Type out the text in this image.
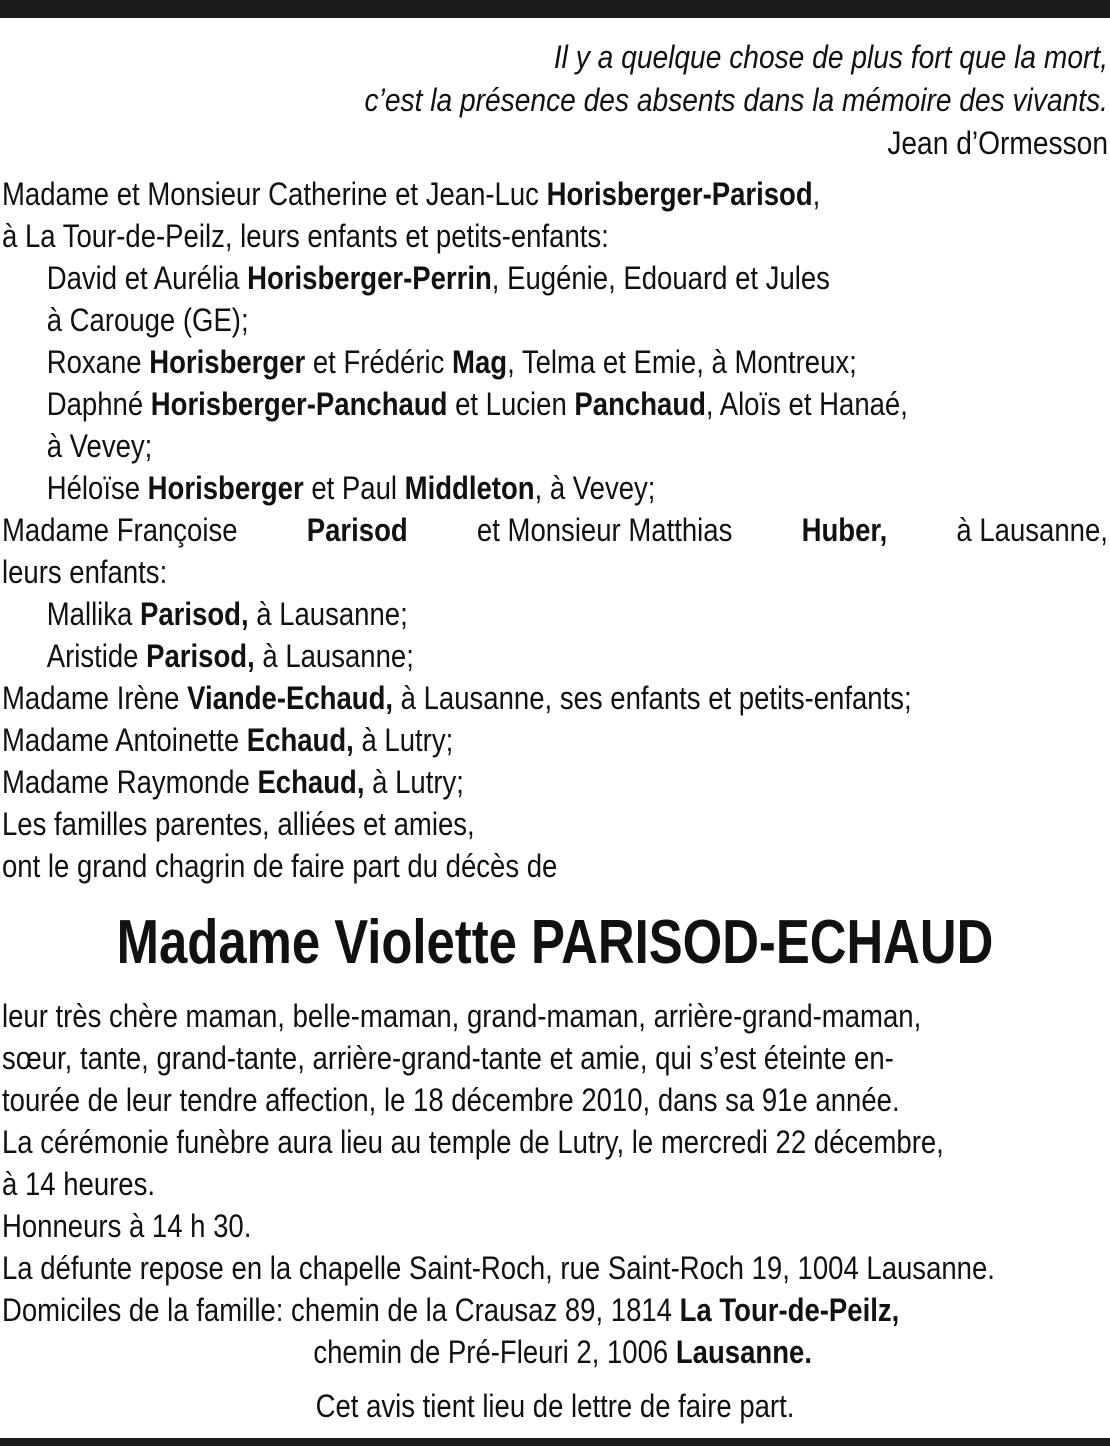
Il y a quelque chose de plus fort que la mort,
c’est la présence des absents dans la mémoire des vivants.
Jean d’Ormesson
Madame et Monsieur Catherine et Jean-Luc Horisberger-Parisod,
à La Tour-de-Peilz, leurs enfants et petits-enfants:
David et Aurélia Horisberger-Perrin, Eugénie, Edouard et Jules
à Carouge (GE);
Roxane Horisberger et Frédéric Mag, Telma et Emie, à Montreux;
Daphné Horisberger-Panchaud et Lucien Panchaud, Aloïs et Hanaé,
à Vevey;
Héloïse Horisberger et Paul Middleton, à Vevey;
Madame Françoise Parisod et Monsieur Matthias Huber, à Lausanne,
leurs enfants:
Mallika Parisod, à Lausanne;
Aristide Parisod, à Lausanne;
Madame Irène Viande-Echaud, à Lausanne, ses enfants et petits-enfants;
Madame Antoinette Echaud, à Lutry;
Madame Raymonde Echaud, à Lutry;
Les familles parentes, alliées et amies,
ont le grand chagrin de faire part du décès de
Madame Violette PARISOD-ECHAUD
leur très chère maman, belle-maman, grand-maman, arrière-grand-maman,
sœur, tante, grand-tante, arrière-grand-tante et amie, qui s’est éteinte en-
tourée de leur tendre affection, le 18 décembre 2010, dans sa 91e année.
La cérémonie funèbre aura lieu au temple de Lutry, le mercredi 22 décembre,
à 14 heures.
Honneurs à 14 h 30.
La défunte repose en la chapelle Saint-Roch, rue Saint-Roch 19, 1004 Lausanne.
Domiciles de la famille: chemin de la Crausaz 89, 1814 La Tour-de-Peilz,
chemin de Pré-Fleuri 2, 1006 Lausanne.
Cet avis tient lieu de lettre de faire part.
